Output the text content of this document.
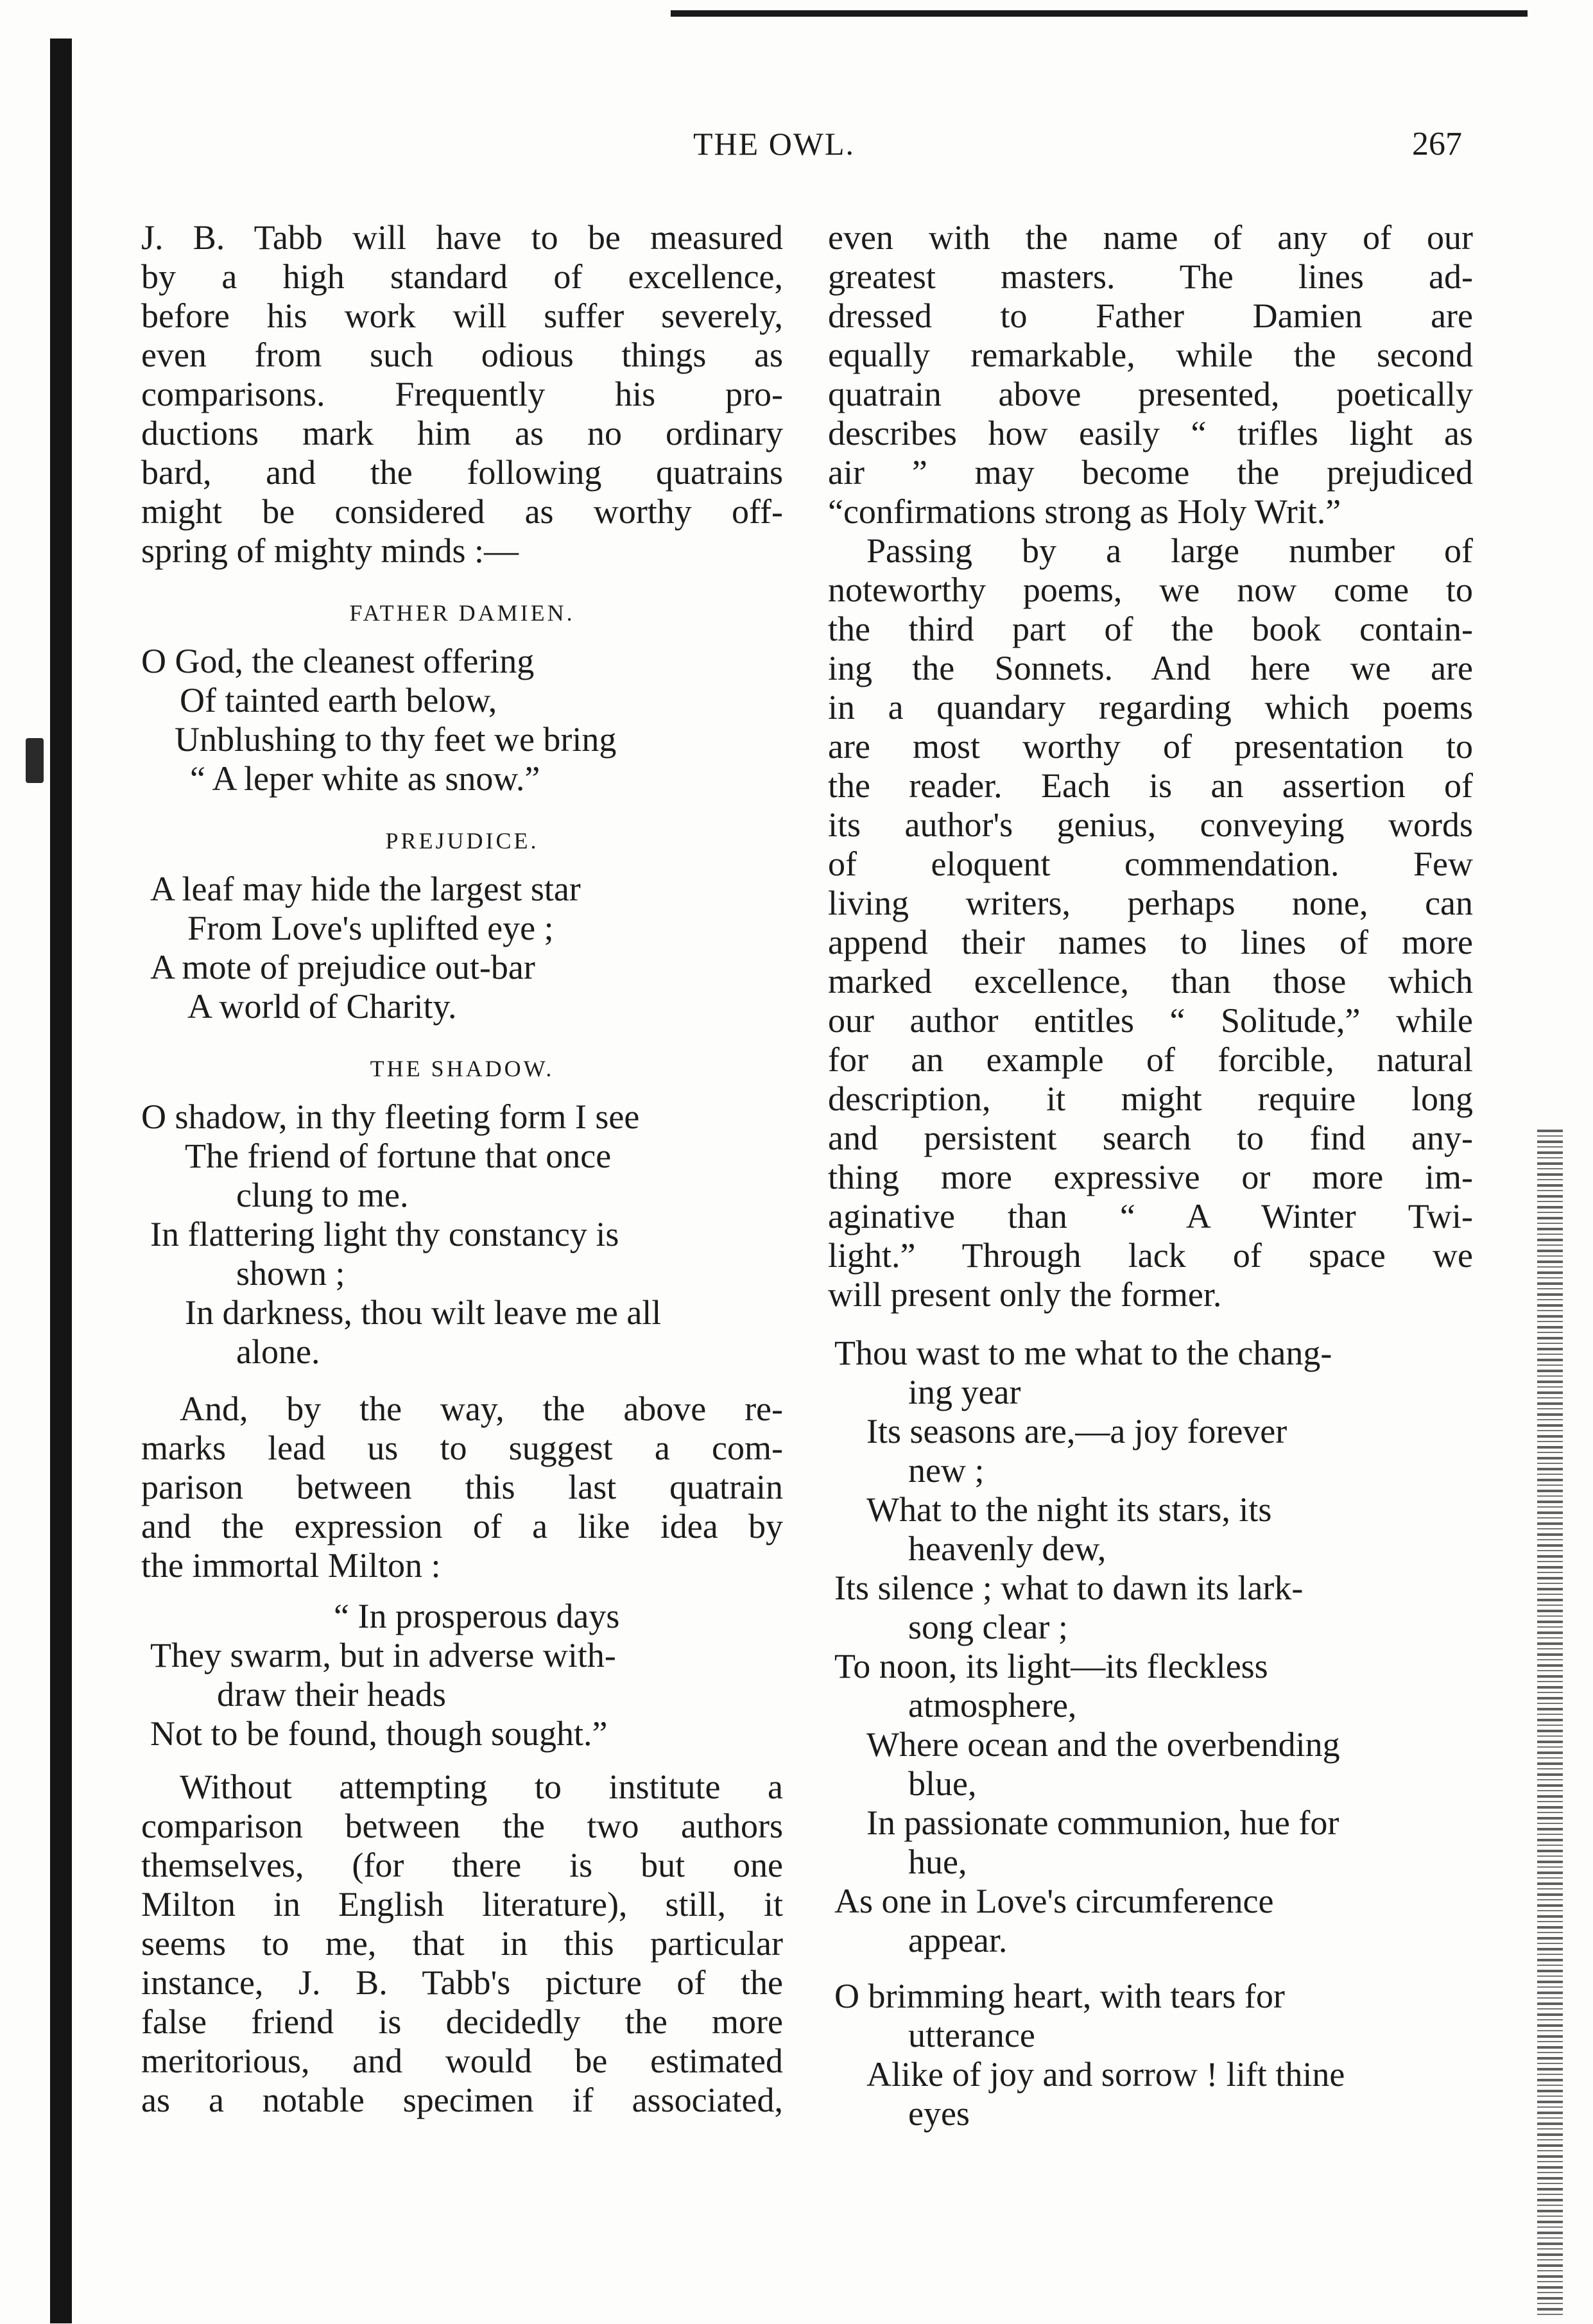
THE OWL.	267

J. B. Tabb will have to be measured
by a high standard of excellence,
before his work will suffer severely,
even from such odious things as
comparisons. Frequently his pro-
ductions mark him as no ordinary
bard, and the following quatrains
might be considered as worthy off-
spring of mighty minds :—

FATHER DAMIEN.
O God, the cleanest offering
Of tainted earth below,
Unblushing to thy feet we bring
“ A leper white as snow.”
PREJUDICE.
A leaf may hide the largest star
From Love's uplifted eye ;
A mote of prejudice out-bar
A world of Charity.
THE SHADOW.
O shadow, in thy fleeting form I see
The friend of fortune that once
clung to me.
In flattering light thy constancy is
shown ;
In darkness, thou wilt leave me all
alone.

And, by the way, the above re-
marks lead us to suggest a com-
parison between this last quatrain
and the expression of a like idea by
the immortal Milton :

“ In prosperous days
They swarm, but in adverse with-
draw their heads
Not to be found, though sought.”

Without attempting to institute a
comparison between the two authors
themselves, (for there is but one
Milton in English literature), still, it
seems to me, that in this particular
instance, J. B. Tabb's picture of the
false friend is decidedly the more
meritorious, and would be estimated
as a notable specimen if associated,

even with the name of any of our
greatest masters. The lines ad-
dressed to Father Damien are
equally remarkable, while the second
quatrain above presented, poetically
describes how easily “ trifles light as
air ” may become the prejudiced
“confirmations strong as Holy Writ.”

Passing by a large number of
noteworthy poems, we now come to
the third part of the book contain-
ing the Sonnets. And here we are
in a quandary regarding which poems
are most worthy of presentation to
the reader. Each is an assertion of
its author's genius, conveying words
of eloquent commendation. Few
living writers, perhaps none, can
append their names to lines of more
marked excellence, than those which
our author entitles “ Solitude,” while
for an example of forcible, natural
description, it might require long
and persistent search to find any-
thing more expressive or more im-
aginative than “ A Winter Twi-
light.” Through lack of space we
will present only the former.

Thou wast to me what to the chang-
ing year
Its seasons are,—a joy forever
new ;
What to the night its stars, its
heavenly dew,
Its silence ; what to dawn its lark-
song clear ;
To noon, its light—its fleckless
atmosphere,
Where ocean and the overbending
blue,
In passionate communion, hue for
hue,
As one in Love's circumference
appear.
O brimming heart, with tears for
utterance
Alike of joy and sorrow ! lift thine
eyes
